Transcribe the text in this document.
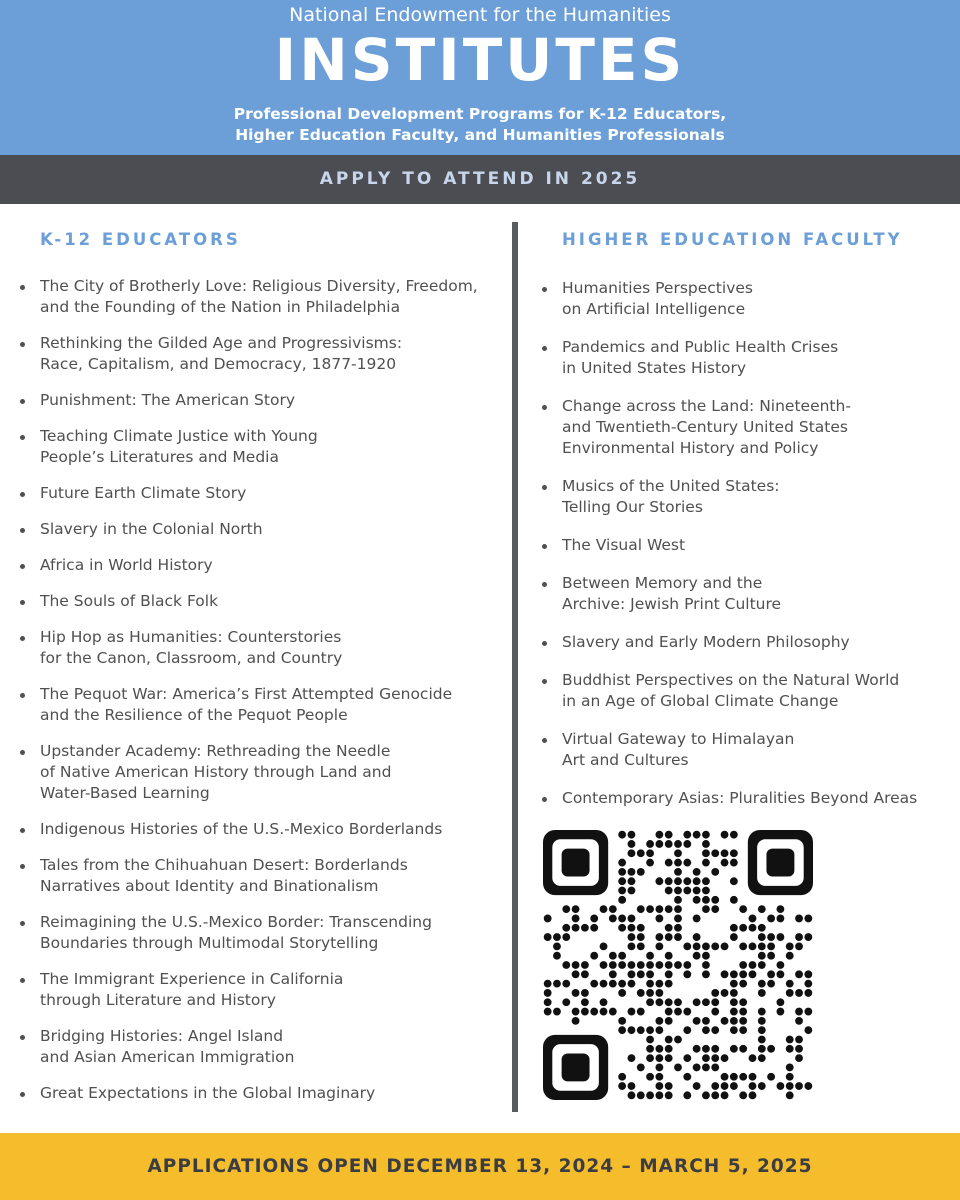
National Endowment for the Humanities
INSTITUTES
Professional Development Programs for K-12 Educators,
Higher Education Faculty, and Humanities Professionals
APPLY TO ATTEND IN 2025
K-12 EDUCATORS
The City of Brotherly Love: Religious Diversity, Freedom,
and the Founding of the Nation in Philadelphia
Rethinking the Gilded Age and Progressivisms:
Race, Capitalism, and Democracy, 1877-1920
Punishment: The American Story
Teaching Climate Justice with Young
People’s Literatures and Media
Future Earth Climate Story
Slavery in the Colonial North
Africa in World History
The Souls of Black Folk
Hip Hop as Humanities: Counterstories
for the Canon, Classroom, and Country
The Pequot War: America’s First Attempted Genocide
and the Resilience of the Pequot People
Upstander Academy: Rethreading the Needle
of Native American History through Land and
Water-Based Learning
Indigenous Histories of the U.S.-Mexico Borderlands
Tales from the Chihuahuan Desert: Borderlands
Narratives about Identity and Binationalism
Reimagining the U.S.-Mexico Border: Transcending
Boundaries through Multimodal Storytelling
The Immigrant Experience in California
through Literature and History
Bridging Histories: Angel Island
and Asian American Immigration
Great Expectations in the Global Imaginary
HIGHER EDUCATION FACULTY
Humanities Perspectives
on Artificial Intelligence
Pandemics and Public Health Crises
in United States History
Change across the Land: Nineteenth-
and Twentieth-Century United States
Environmental History and Policy
Musics of the United States:
Telling Our Stories
The Visual West
Between Memory and the
Archive: Jewish Print Culture
Slavery and Early Modern Philosophy
Buddhist Perspectives on the Natural World
in an Age of Global Climate Change
Virtual Gateway to Himalayan
Art and Cultures
Contemporary Asias: Pluralities Beyond Areas
APPLICATIONS OPEN DECEMBER 13, 2024 – MARCH 5, 2025
